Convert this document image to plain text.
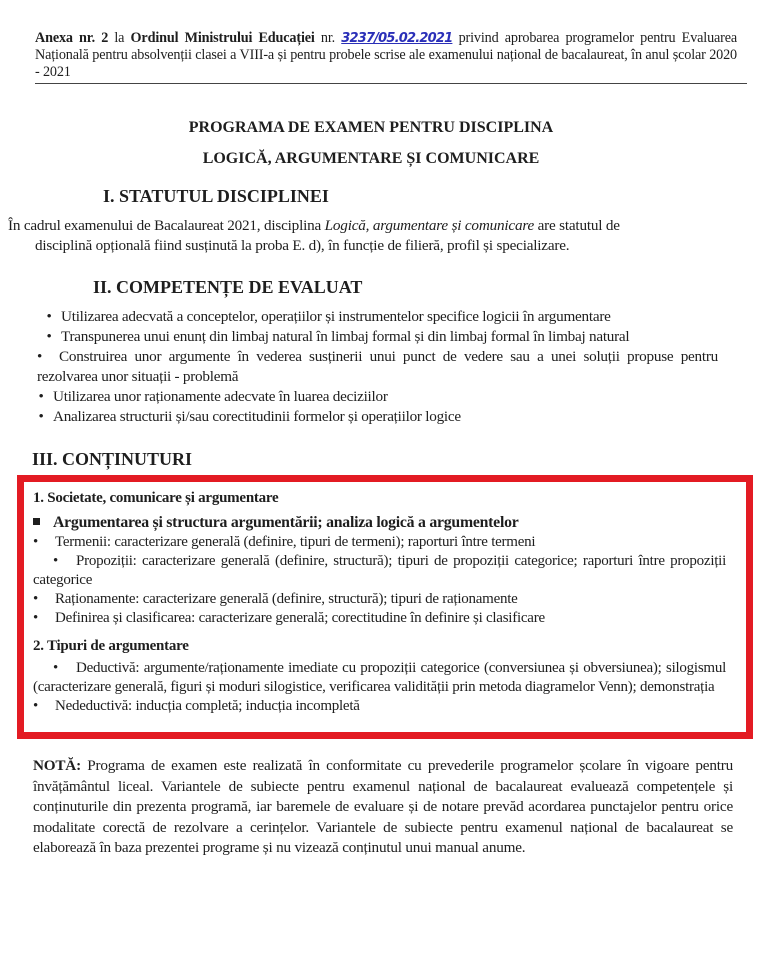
Anexa nr. 2 la Ordinul Ministrului Educației nr. 3237/05.02.2021 privind aprobarea programelor pentru Evaluarea Națională pentru absolvenții clasei a VIII-a și pentru probele scrise ale examenului național de bacalaureat, în anul școlar 2020 - 2021
PROGRAMA DE EXAMEN PENTRU DISCIPLINA
LOGICĂ, ARGUMENTARE ȘI COMUNICARE
I. STATUTUL DISCIPLINEI
În cadrul examenului de Bacalaureat 2021, disciplina Logică, argumentare și comunicare are statutul de
disciplină opțională fiind susținută la proba E. d), în funcție de filieră, profil și specializare.
II. COMPETENȚE DE EVALUAT
• Utilizarea adecvată a conceptelor, operațiilor și instrumentelor specifice logicii în argumentare
• Transpunerea unui enunț din limbaj natural în limbaj formal și din limbaj formal în limbaj natural
• Construirea unor argumente în vederea susținerii unui punct de vedere sau a unei soluții propuse pentru rezolvarea unor situații - problemă
• Utilizarea unor raționamente adecvate în luarea deciziilor
• Analizarea structurii și/sau corectitudinii formelor și operațiilor logice
III. CONȚINUTURI
1. Societate, comunicare și argumentare
Argumentarea și structura argumentării; analiza logică a argumentelor
• Termenii: caracterizare generală (definire, tipuri de termeni); raporturi între termeni
• Propoziții: caracterizare generală (definire, structură); tipuri de propoziții categorice; raporturi între propoziții categorice
• Raționamente: caracterizare generală (definire, structură); tipuri de raționamente
• Definirea și clasificarea: caracterizare generală; corectitudine în definire și clasificare
2. Tipuri de argumentare
• Deductivă: argumente/raționamente imediate cu propoziții categorice (conversiunea și obversiunea); silogismul (caracterizare generală, figuri și moduri silogistice, verificarea validității prin metoda diagramelor Venn); demonstrația
• Nedeductivă: inducția completă; inducția incompletă
NOTĂ: Programa de examen este realizată în conformitate cu prevederile programelor școlare în vigoare pentru învățământul liceal. Variantele de subiecte pentru examenul național de bacalaureat evaluează competențele și conținuturile din prezenta programă, iar baremele de evaluare și de notare prevăd acordarea punctajelor pentru orice modalitate corectă de rezolvare a cerințelor. Variantele de subiecte pentru examenul național de bacalaureat se elaborează în baza prezentei programe și nu vizează conținutul unui manual anume.
